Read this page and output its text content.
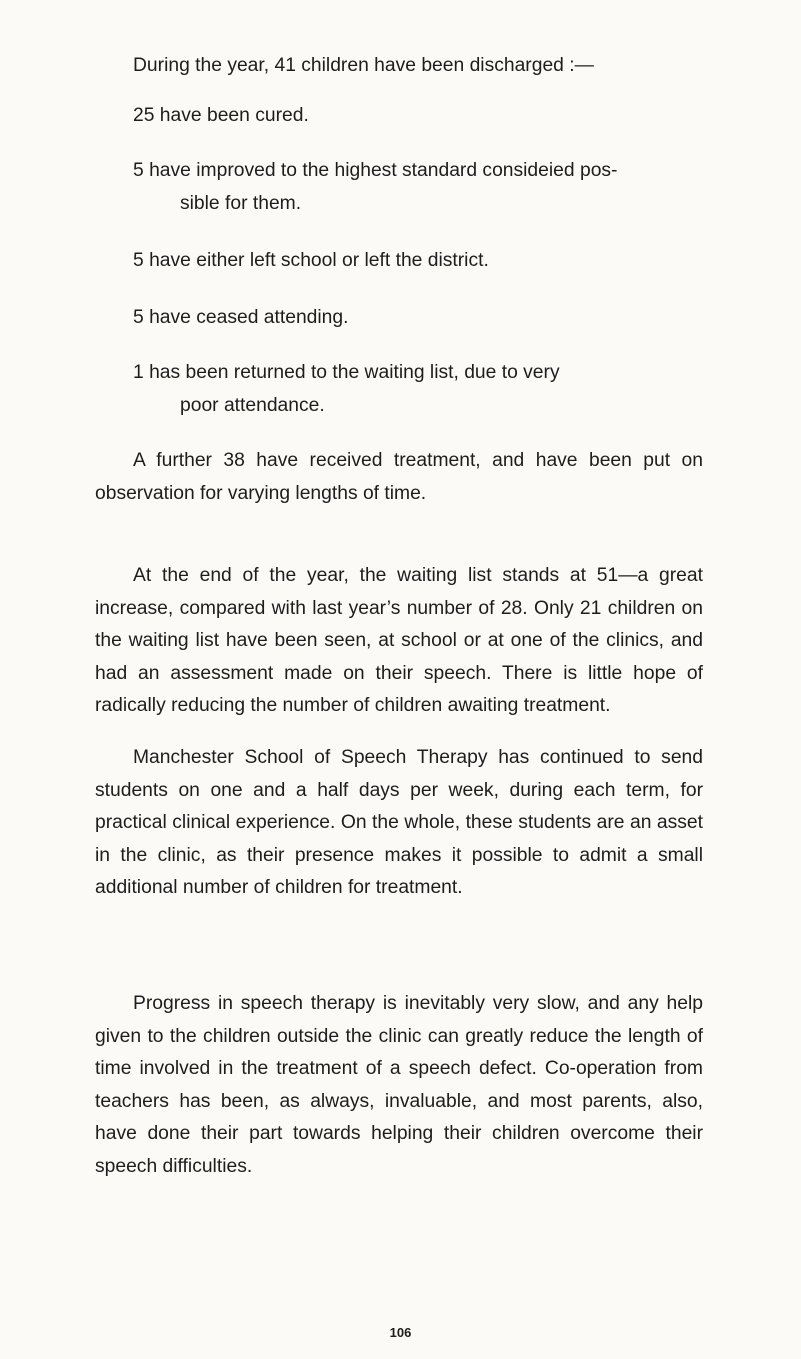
During the year, 41 children have been discharged :—
25 have been cured.
5 have improved to the highest standard consideied pos-
sible for them.
5 have either left school or left the district.
5 have ceased attending.
1 has been returned to the waiting list, due to very
poor attendance.

A further 38 have received treatment, and have been put on observation for varying lengths of time.

At the end of the year, the waiting list stands at 51—a great increase, compared with last year’s number of 28. Only 21 children on the waiting list have been seen, at school or at one of the clinics, and had an assessment made on their speech. There is little hope of radically reducing the number of children awaiting treatment.

Manchester School of Speech Therapy has continued to send students on one and a half days per week, during each term, for practical clinical experience. On the whole, these students are an asset in the clinic, as their presence makes it possible to admit a small additional number of children for treatment.

Progress in speech therapy is inevitably very slow, and any help given to the children outside the clinic can greatly reduce the length of time involved in the treatment of a speech defect. Co-operation from teachers has been, as always, invaluable, and most parents, also, have done their part towards helping their children overcome their speech difficulties.

106
